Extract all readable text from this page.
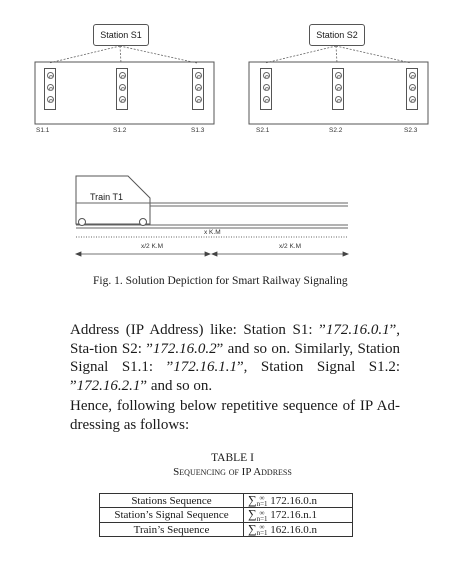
Station S1	Station S2
S1.1	S1.2	S1.3	S2.1	S2.2	S2.3
Train T1
x K.M
x/2 K.M	x/2 K.M
Fig. 1. Solution Depiction for Smart Railway Signaling
Address (IP Address) like: Station S1: ”172.16.0.1”, Sta-tion S2: ”172.16.0.2” and so on. Similarly, Station Signal S1.1: ”172.16.1.1”, Station Signal S1.2: ”172.16.2.1” and so on.
Hence, following below repetitive sequence of IP Ad-dressing as follows:
TABLE I
Sequencing of IP Address
Stations Sequence	∑ ∞
n=1 172.16.0.n
Station’s Signal Sequence	∑ ∞
n=1 172.16.n.1
Train’s Sequence	∑ ∞
n=1 162.16.0.n
